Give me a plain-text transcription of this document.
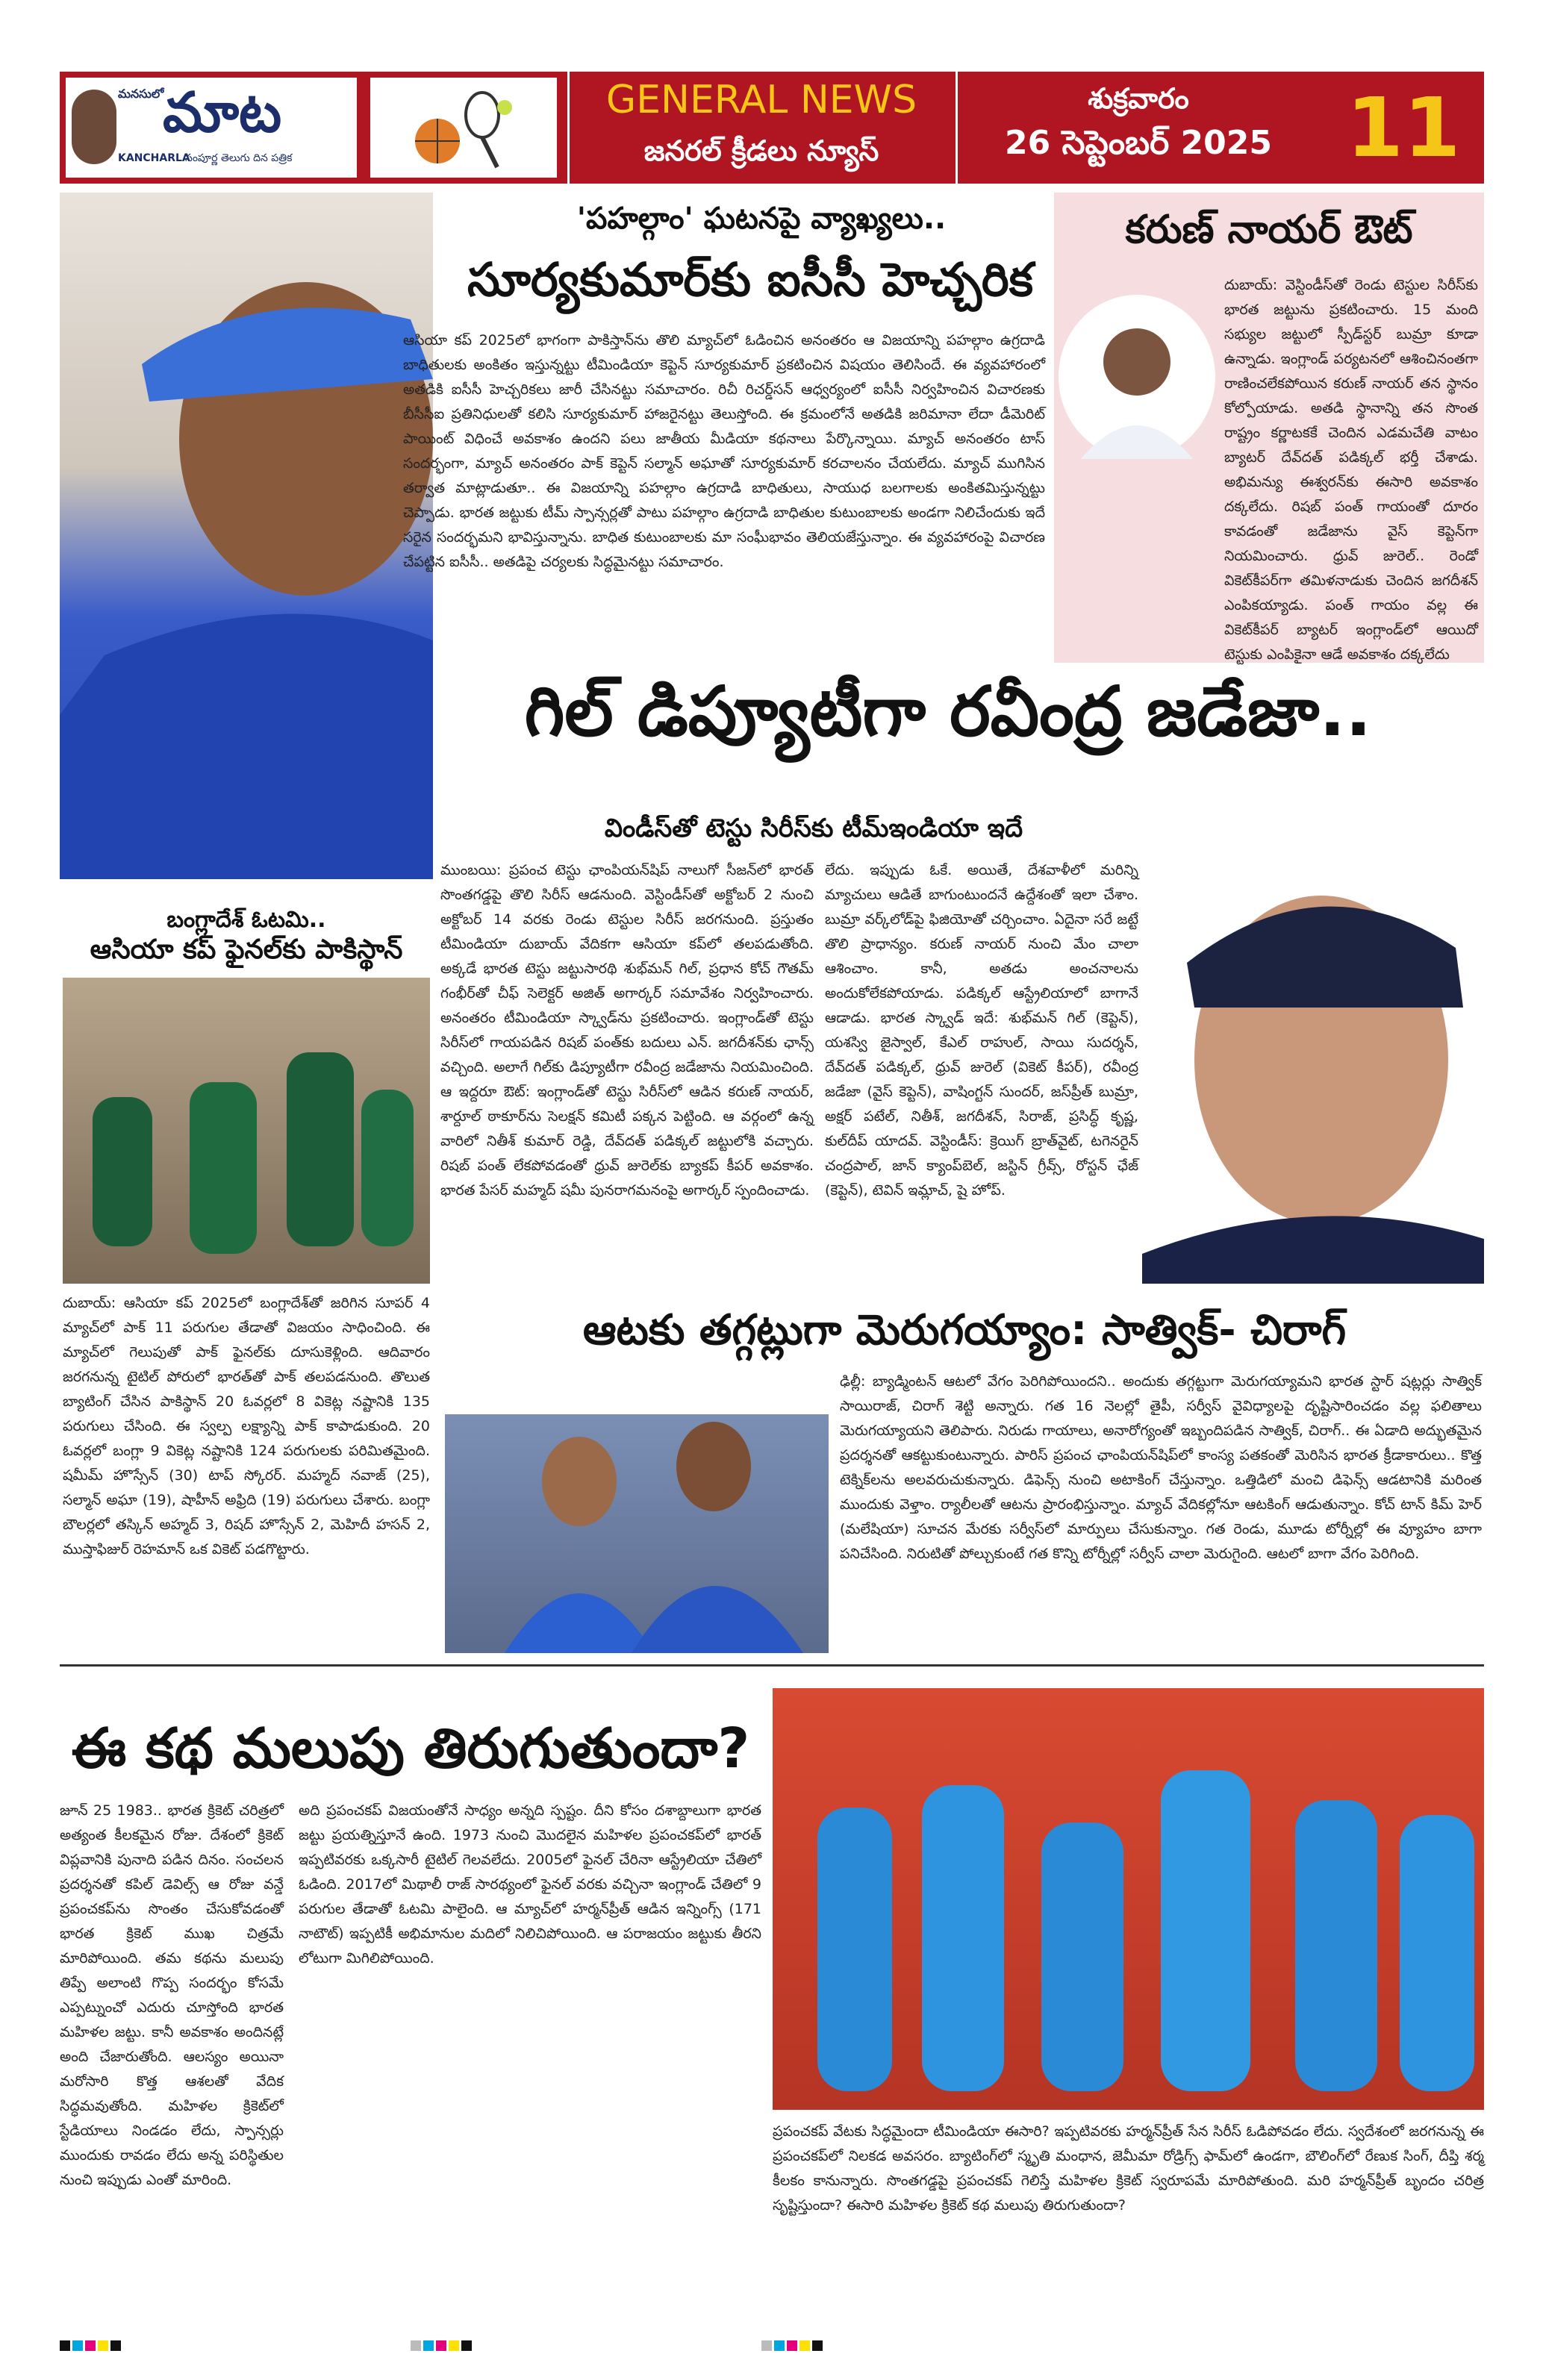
మనసులో
మాట
KANCHARLA
సంపూర్ణ తెలుగు దిన పత్రిక
GENERAL NEWS
జనరల్ క్రీడలు న్యూస్
శుక్రవారం
26 సెప్టెంబర్ 2025 11
'పహల్గాం' ఘటనపై వ్యాఖ్యలు..
సూర్యకుమార్‌కు ఐసీసీ హెచ్చరిక
ఆసియా కప్ 2025లో భాగంగా పాకిస్తాన్‌ను తొలి మ్యాచ్‌లో ఓడించిన అనంతరం ఆ విజయాన్ని పహల్గాం ఉగ్రదాడి బాధితులకు అంకితం ఇస్తున్నట్టు టీమిండియా కెప్టెన్ సూర్యకుమార్ ప్రకటించిన విషయం తెలిసిందే. ఈ వ్యవహారంలో అతడికి ఐసీసీ హెచ్చరికలు జారీ చేసినట్టు సమాచారం. రిచీ రిచర్డ్‌సన్ ఆధ్వర్యంలో ఐసీసీ నిర్వహించిన విచారణకు బీసీసీఐ ప్రతినిధులతో కలిసి సూర్యకుమార్ హాజరైనట్టు తెలుస్తోంది. ఈ క్రమంలోనే అతడికి జరిమానా లేదా డీమెరిట్ పాయింట్ విధించే అవకాశం ఉందని పలు జాతీయ మీడియా కథనాలు పేర్కొన్నాయి. మ్యాచ్ అనంతరం టాస్ సందర్భంగా, మ్యాచ్ అనంతరం పాక్ కెప్టెన్ సల్మాన్ అఘాతో సూర్యకుమార్ కరచాలనం చేయలేదు. మ్యాచ్ ముగిసిన తర్వాత మాట్లాడుతూ.. ఈ విజయాన్ని పహల్గాం ఉగ్రదాడి బాధితులు, సాయుధ బలగాలకు అంకితమిస్తున్నట్టు చెప్పాడు. భారత జట్టుకు టీమ్ స్పాన్సర్లతో పాటు పహల్గాం ఉగ్రదాడి బాధితుల కుటుంబాలకు అండగా నిలిచేందుకు ఇదే సరైన సందర్భమని భావిస్తున్నాను. బాధిత కుటుంబాలకు మా సంఘీభావం తెలియజేస్తున్నాం. ఈ వ్యవహారంపై విచారణ చేపట్టిన ఐసీసీ.. అతడిపై చర్యలకు సిద్ధమైనట్టు సమాచారం.
కరుణ్ నాయర్ ఔట్
దుబాయ్: వెస్టిండీస్‌తో రెండు టెస్టుల సిరీస్‌కు భారత జట్టును ప్రకటించారు. 15 మంది సభ్యుల జట్టులో స్పీడ్‌స్టర్ బుమ్రా కూడా ఉన్నాడు. ఇంగ్లాండ్ పర్యటనలో ఆశించినంతగా రాణించలేకపోయిన కరుణ్ నాయర్ తన స్థానం కోల్పోయాడు. అతడి స్థానాన్ని తన సొంత రాష్ట్రం కర్ణాటకకే చెందిన ఎడమచేతి వాటం బ్యాటర్ దేవ్‌దత్ పడిక్కల్ భర్తీ చేశాడు. అభిమన్యు ఈశ్వరన్‌కు ఈసారి అవకాశం దక్కలేదు. రిషబ్ పంత్ గాయంతో దూరం కావడంతో జడేజాను వైస్ కెప్టెన్‌గా నియమించారు. ధ్రువ్ జురెల్.. రెండో వికెట్‌కీపర్‌గా తమిళనాడుకు చెందిన జగదీశన్ ఎంపికయ్యాడు. పంత్ గాయం వల్ల ఈ వికెట్‌కీపర్ బ్యాటర్ ఇంగ్లాండ్‌లో ఆయిదో టెస్టుకు ఎంపికైనా ఆడే అవకాశం దక్కలేదు
గిల్ డిప్యూటీగా రవీంద్ర జడేజా..
విండీస్‌తో టెస్టు సిరీస్‌కు టీమ్‌ఇండియా ఇదే
ముంబయి: ప్రపంచ టెస్టు ఛాంపియన్‌షిప్ నాలుగో సీజన్‌లో భారత్ సొంతగడ్డపై తొలి సిరీస్ ఆడనుంది. వెస్టిండీస్‌తో అక్టోబర్ 2 నుంచి అక్టోబర్ 14 వరకు రెండు టెస్టుల సిరీస్ జరగనుంది. ప్రస్తుతం టీమిండియా దుబాయ్ వేదికగా ఆసియా కప్‌లో తలపడుతోంది. అక్కడే భారత టెస్టు జట్టుసారథి శుభ్‌మన్ గిల్, ప్రధాన కోచ్ గౌతమ్ గంభీర్‌తో చీఫ్ సెలెక్టర్ అజిత్ అగార్కర్ సమావేశం నిర్వహించారు. అనంతరం టీమిండియా స్క్వాడ్‌ను ప్రకటించారు. ఇంగ్లాండ్‌తో టెస్టు సిరీస్‌లో గాయపడిన రిషబ్ పంత్‌కు బదులు ఎన్. జగదీశన్‌కు ఛాన్స్ వచ్చింది. అలాగే గిల్‌కు డిప్యూటీగా రవీంద్ర జడేజాను నియమించింది. ఆ ఇద్దరూ ఔట్: ఇంగ్లాండ్‌తో టెస్టు సిరీస్‌లో ఆడిన కరుణ్ నాయర్, శార్దూల్ ఠాకూర్‌ను సెలక్షన్ కమిటీ పక్కన పెట్టింది. ఆ వర్గంలో ఉన్న వారిలో నితీశ్ కుమార్ రెడ్డి, దేవ్‌దత్ పడిక్కల్ జట్టులోకి వచ్చారు. రిషబ్ పంత్ లేకపోవడంతో ధ్రువ్ జురెల్‌కు బ్యాకప్ కీపర్ అవకాశం. భారత పేసర్ మహ్మద్ షమీ పునరాగమనంపై అగార్కర్ స్పందించాడు.
లేదు. ఇప్పుడు ఓకే. అయితే, దేశవాళీలో మరిన్ని మ్యాచులు ఆడితే బాగుంటుందనే ఉద్దేశంతో ఇలా చేశాం. బుమ్రా వర్క్‌లోడ్‌పై ఫిజియోతో చర్చించాం. ఏదైనా సరే జట్టే తొలి ప్రాధాన్యం. కరుణ్ నాయర్ నుంచి మేం చాలా ఆశించాం. కానీ, అతడు అంచనాలను అందుకోలేకపోయాడు. పడిక్కల్ ఆస్ట్రేలియాలో బాగానే ఆడాడు. భారత స్క్వాడ్ ఇదే: శుభ్‌మన్ గిల్ (కెప్టెన్), యశస్వి జైస్వాల్, కేఎల్ రాహుల్, సాయి సుదర్శన్, దేవ్‌దత్ పడిక్కల్, ధ్రువ్ జురెల్ (వికెట్ కీపర్), రవీంద్ర జడేజా (వైస్ కెప్టెన్), వాషింగ్టన్ సుందర్, జస్‌ప్రీత్ బుమ్రా, అక్షర్ పటేల్, నితీశ్, జగదీశన్, సిరాజ్, ప్రసిద్ధ్ కృష్ణ, కుల్‌దీప్ యాదవ్. వెస్టిండీస్: క్రెయిగ్ బ్రాత్‌వైట్, టగెనరైన్ చంద్రపాల్, జాన్ క్యాంప్‌బెల్, జస్టిన్ గ్రీవ్స్, రోస్టన్ ఛేజ్ (కెప్టెన్), టెవిన్ ఇమ్లాచ్, షై హోప్.
బంగ్లాదేశ్ ఓటమి..
ఆసియా కప్ ఫైనల్‌కు పాకిస్థాన్
దుబాయ్: ఆసియా కప్ 2025లో బంగ్లాదేశ్‌తో జరిగిన సూపర్ 4 మ్యాచ్‌లో పాక్ 11 పరుగుల తేడాతో విజయం సాధించింది. ఈ మ్యాచ్‌లో గెలుపుతో పాక్ ఫైనల్‌కు దూసుకెళ్లింది. ఆదివారం జరగనున్న టైటిల్ పోరులో భారత్‌తో పాక్ తలపడనుంది. తొలుత బ్యాటింగ్ చేసిన పాకిస్థాన్ 20 ఓవర్లలో 8 వికెట్ల నష్టానికి 135 పరుగులు చేసింది. ఈ స్వల్ప లక్ష్యాన్ని పాక్ కాపాడుకుంది. 20 ఓవర్లలో బంగ్లా 9 వికెట్ల నష్టానికి 124 పరుగులకు పరిమితమైంది. షమీమ్ హొస్సేన్ (30) టాప్ స్కోరర్. మహ్మద్ నవాజ్ (25), సల్మాన్ అఘా (19), షాహీన్ అఫ్రిది (19) పరుగులు చేశారు. బంగ్లా బౌలర్లలో తస్కిన్ అహ్మద్ 3, రిషద్ హొస్సేన్ 2, మెహిదీ హసన్ 2, ముస్తాఫిజుర్ రెహమాన్ ఒక వికెట్ పడగొట్టారు.
ఆటకు తగ్గట్లుగా మెరుగయ్యాం: సాత్విక్- చిరాగ్
ఢిల్లీ: బ్యాడ్మింటన్ ఆటలో వేగం పెరిగిపోయిందని.. అందుకు తగ్గట్టుగా మెరుగయ్యామని భారత స్టార్ షట్లర్లు సాత్విక్ సాయిరాజ్, చిరాగ్ శెట్టి అన్నారు. గత 16 నెలల్లో తైపీ, సర్వీస్ వైవిధ్యాలపై దృష్టిసారించడం వల్ల ఫలితాలు మెరుగయ్యాయని తెలిపారు. నిరుడు గాయాలు, అనారోగ్యంతో ఇబ్బందిపడిన సాత్విక్, చిరాగ్.. ఈ ఏడాది అద్భుతమైన ప్రదర్శనతో ఆకట్టుకుంటున్నారు. పారిస్ ప్రపంచ ఛాంపియన్‌షిప్‌లో కాంస్య పతకంతో మెరిసిన భారత క్రీడాకారులు.. కొత్త టెక్నిక్‌లను అలవరుచుకున్నారు. డిఫెన్స్ నుంచి అటాకింగ్ చేస్తున్నాం. ఒత్తిడిలో మంచి డిఫెన్స్ ఆడటానికి మరింత ముందుకు వెళ్తాం. ర్యాలీలతో ఆటను ప్రారంభిస్తున్నాం. మ్యాచ్ వేదికల్లోనూ ఆటకింగ్ ఆడుతున్నాం. కోచ్ టాన్ కిమ్ హెర్ (మలేషియా) సూచన మేరకు సర్వీస్‌లో మార్పులు చేసుకున్నాం. గత రెండు, మూడు టోర్నీల్లో ఈ వ్యూహం బాగా పనిచేసింది. నిరుటితో పోల్చుకుంటే గత కొన్ని టోర్నీల్లో సర్వీస్ చాలా మెరుగైంది. ఆటలో బాగా వేగం పెరిగింది.
ఈ కథ మలుపు తిరుగుతుందా?
జూన్ 25 1983.. భారత క్రికెట్ చరిత్రలో అత్యంత కీలకమైన రోజు. దేశంలో క్రికెట్ విప్లవానికి పునాది పడిన దినం. సంచలన ప్రదర్శనతో కపిల్ డెవిల్స్ ఆ రోజు వన్డే ప్రపంచకప్‌ను సొంతం చేసుకోవడంతో భారత క్రికెట్ ముఖ చిత్రమే మారిపోయింది. తమ కథను మలుపు తిప్పే అలాంటి గొప్ప సందర్భం కోసమే ఎప్పట్నుంచో ఎదురు చూస్తోంది భారత మహిళల జట్టు. కానీ అవకాశం అందినట్లే అంది చేజారుతోంది. ఆలస్యం అయినా మరోసారి కొత్త ఆశలతో వేదిక సిద్ధమవుతోంది. మహిళల క్రికెట్‌లో స్టేడియాలు నిండడం లేదు, స్పాన్సర్లు ముందుకు రావడం లేదు అన్న పరిస్థితుల నుంచి ఇప్పుడు ఎంతో మారింది.
అది ప్రపంచకప్ విజయంతోనే సాధ్యం అన్నది స్పష్టం. దీని కోసం దశాబ్దాలుగా భారత జట్టు ప్రయత్నిస్తూనే ఉంది. 1973 నుంచి మొదలైన మహిళల ప్రపంచకప్‌లో భారత్ ఇప్పటివరకు ఒక్కసారీ టైటిల్ గెలవలేదు. 2005లో ఫైనల్ చేరినా ఆస్ట్రేలియా చేతిలో ఓడింది. 2017లో మిథాలీ రాజ్ సారథ్యంలో ఫైనల్ వరకు వచ్చినా ఇంగ్లాండ్ చేతిలో 9 పరుగుల తేడాతో ఓటమి పాలైంది. ఆ మ్యాచ్‌లో హర్మన్‌ప్రీత్ ఆడిన ఇన్నింగ్స్ (171 నాటౌట్) ఇప్పటికీ అభిమానుల మదిలో నిలిచిపోయింది. ఆ పరాజయం జట్టుకు తీరని లోటుగా మిగిలిపోయింది.
ప్రపంచకప్ వేటకు సిద్ధమైందా టీమిండియా ఈసారి? ఇప్పటివరకు హర్మన్‌ప్రీత్ సేన సిరీస్ ఓడిపోవడం లేదు. స్వదేశంలో జరగనున్న ఈ ప్రపంచకప్‌లో నిలకడ అవసరం. బ్యాటింగ్‌లో స్మృతి మంధాన, జెమీమా రోడ్రిగ్స్ ఫామ్‌లో ఉండగా, బౌలింగ్‌లో రేణుక సింగ్, దీప్తి శర్మ కీలకం కానున్నారు. సొంతగడ్డపై ప్రపంచకప్ గెలిస్తే మహిళల క్రికెట్ స్వరూపమే మారిపోతుంది. మరి హర్మన్‌ప్రీత్ బృందం చరిత్ర సృష్టిస్తుందా? ఈసారి మహిళల క్రికెట్ కథ మలుపు తిరుగుతుందా?
